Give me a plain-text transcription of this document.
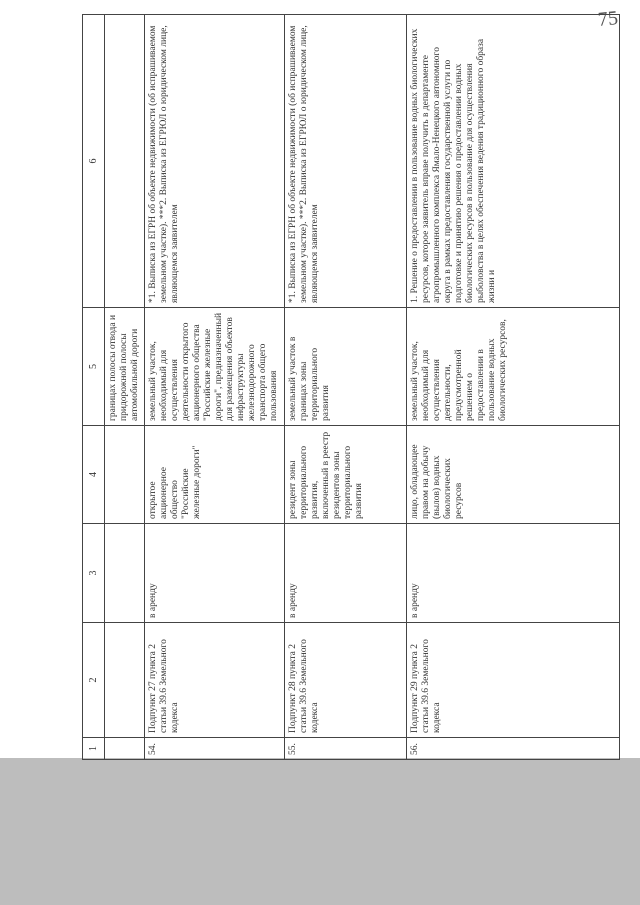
75
1	2	3	4	5	6
				границах полосы отвода и придорожной полосы автомобильной дороги	
54.	Подпункт 27 пункта 2 статьи 39.6 Земельного кодекса	в аренду	открытое акционерное общество "Российские железные дороги"	земельный участок, необходимый для осуществления деятельности открытого акционерного общества "Российские железные дороги", предназначенный для размещения объектов инфраструктуры железнодорожного транспорта общего пользования	*1. Выписка из ЕГРН об объекте недвижимости (об испрашиваемом земельном участке). ***2. Выписка из ЕГРЮЛ о юридическом лице, являющемся заявителем
55.	Подпункт 28 пункта 2 статьи 39.6 Земельного кодекса	в аренду	резидент зоны территориального развития, включенный в реестр резидентов зоны территориального развития	земельный участок в границах зоны территориального развития	*1. Выписка из ЕГРН об объекте недвижимости (об испрашиваемом земельном участке). ***2. Выписка из ЕГРЮЛ о юридическом лице, являющемся заявителем
56.	Подпункт 29 пункта 2 статьи 39.6 Земельного кодекса	в аренду	лицо, обладающее правом на добычу (вылов) водных биологических ресурсов	земельный участок, необходимый для осуществления деятельности, предусмотренной решением о предоставлении в пользование водных биологических ресурсов,	1. Решение о предоставлении в пользование водных биологических ресурсов, которое заявитель вправе получить в департаменте агропромышленного комплекса Ямало-Ненецкого автономного округа в рамках предоставления государственной услуги по подготовке и принятию решения о предоставлении водных биологических ресурсов в пользование для осуществления рыболовства в целях обеспечения ведения традиционного образа жизни и
